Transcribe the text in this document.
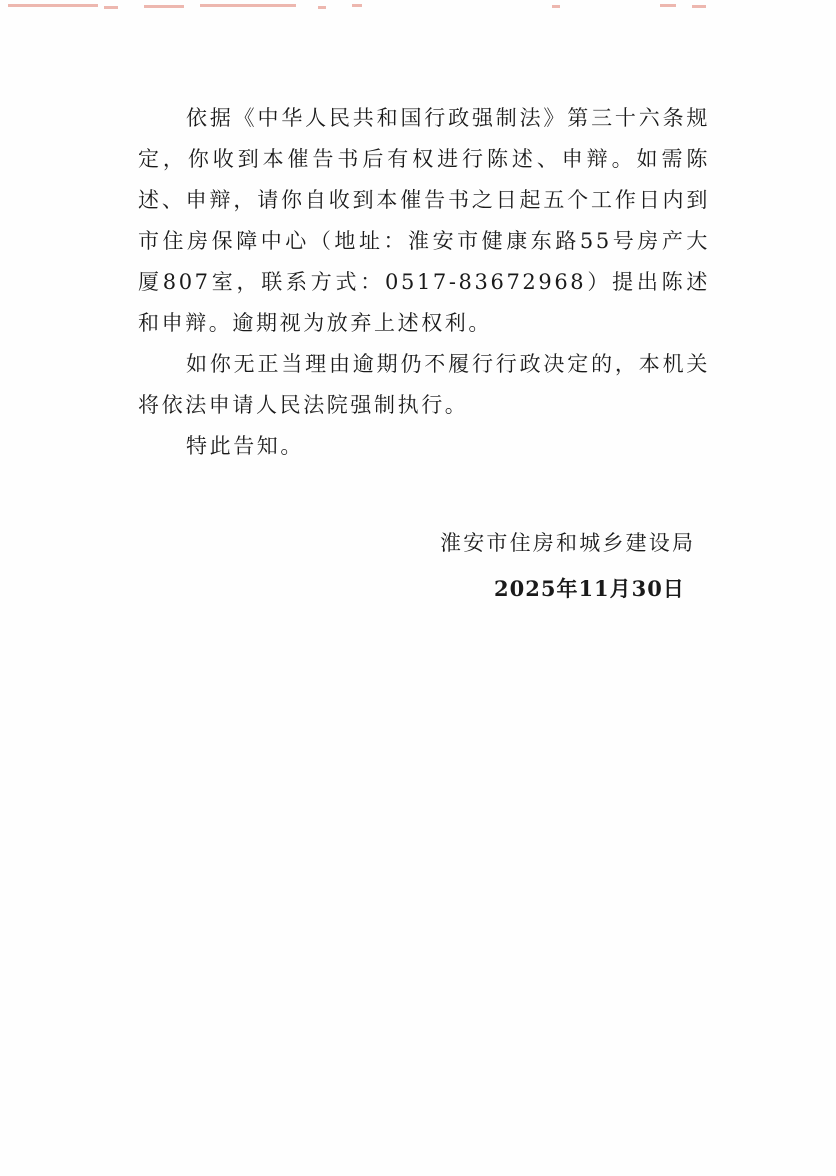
依据《中华人民共和国行政强制法》第三十六条规定，你收到本催告书后有权进行陈述、申辩。如需陈述、申辩，请你自收到本催告书之日起五个工作日内到市住房保障中心（地址：淮安市健康东路55号房产大厦807室，联系方式：0517-83672968）提出陈述和申辩。逾期视为放弃上述权利。

如你无正当理由逾期仍不履行行政决定的，本机关将依法申请人民法院强制执行。

特此告知。

淮安市住房和城乡建设局
2025年11月30日
